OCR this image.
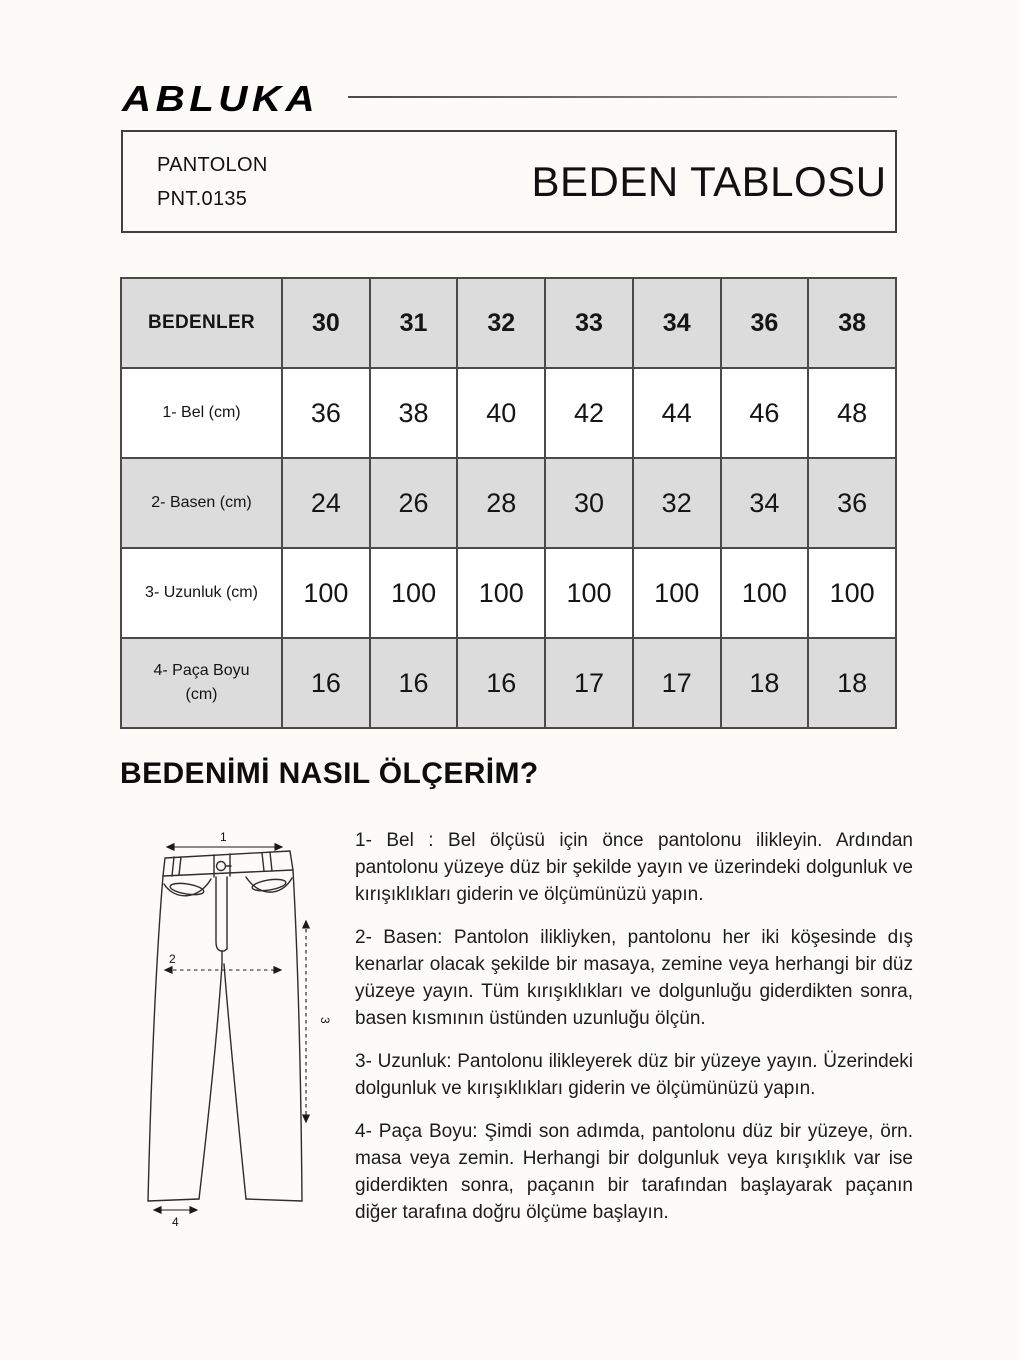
ABLUKA
PANTOLON
PNT.0135	BEDEN TABLOSU
BEDENLER	30	31	32	33	34	36	38
1- Bel (cm)	36	38	40	42	44	46	48
2- Basen (cm)	24	26	28	30	32	34	36
3- Uzunluk (cm)	100	100	100	100	100	100	100
4- Paça Boyu (cm)	16	16	16	17	17	18	18
BEDENİMİ NASIL ÖLÇERİM?
1
2
3
4

1- Bel : Bel ölçüsü için önce pantolonu ilikleyin. Ardından pantolonu yüzeye düz bir şekilde yayın ve üzerindeki dolgunluk ve kırışıklıkları giderin ve ölçümünüzü yapın.

2- Basen: Pantolon ilikliyken, pantolonu her iki köşesinde dış kenarlar olacak şekilde bir masaya, zemine veya herhangi bir düz yüzeye yayın. Tüm kırışıklıkları ve dolgunluğu giderdikten sonra, basen kısmının üstünden uzunluğu ölçün.

3- Uzunluk: Pantolonu ilikleyerek düz bir yüzeye yayın. Üzerindeki dolgunluk ve kırışıklıkları giderin ve ölçümünüzü yapın.

4- Paça Boyu: Şimdi son adımda, pantolonu düz bir yüzeye, örn. masa veya zemin. Herhangi bir dolgunluk veya kırışıklık var ise giderdikten sonra, paçanın bir tarafından başlayarak paçanın diğer tarafına doğru ölçüme başlayın.
